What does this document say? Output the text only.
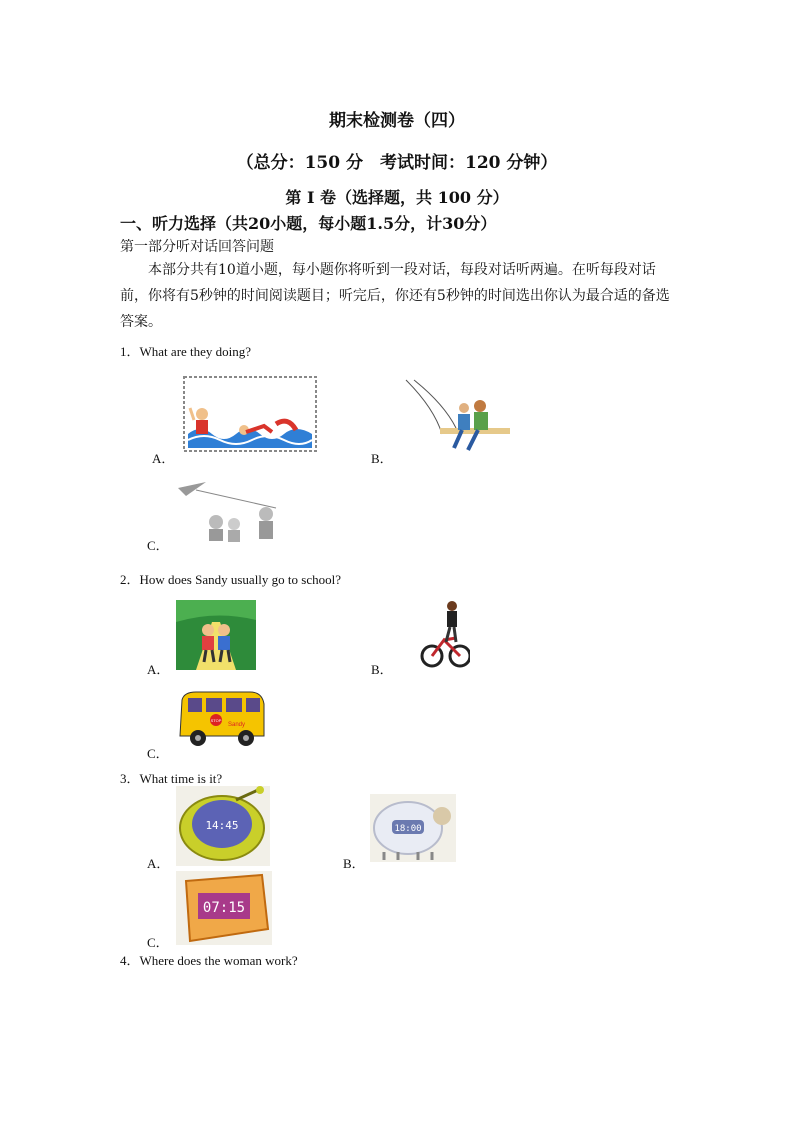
期末检测卷（四）
（总分：150 分　考试时间：120 分钟）
第 I 卷（选择题，共 100 分）
一、听力选择（共20小题，每小题1.5分，计30分）
第一部分听对话回答问题
本部分共有10道小题，每小题你将听到一段对话，每段对话听两遍。在听每段对话前，你将有5秒钟的时间阅读题目；听完后，你还有5秒钟的时间选出你认为最合适的备选答案。
1．What are they doing?
A．	B．
C．
2．How does Sandy usually go to school?
A．	B．
STOP
Sandy
C．
3．What time is it?
14:45
A．
18:00
B．
07:15
C．
4．Where does the woman work?
